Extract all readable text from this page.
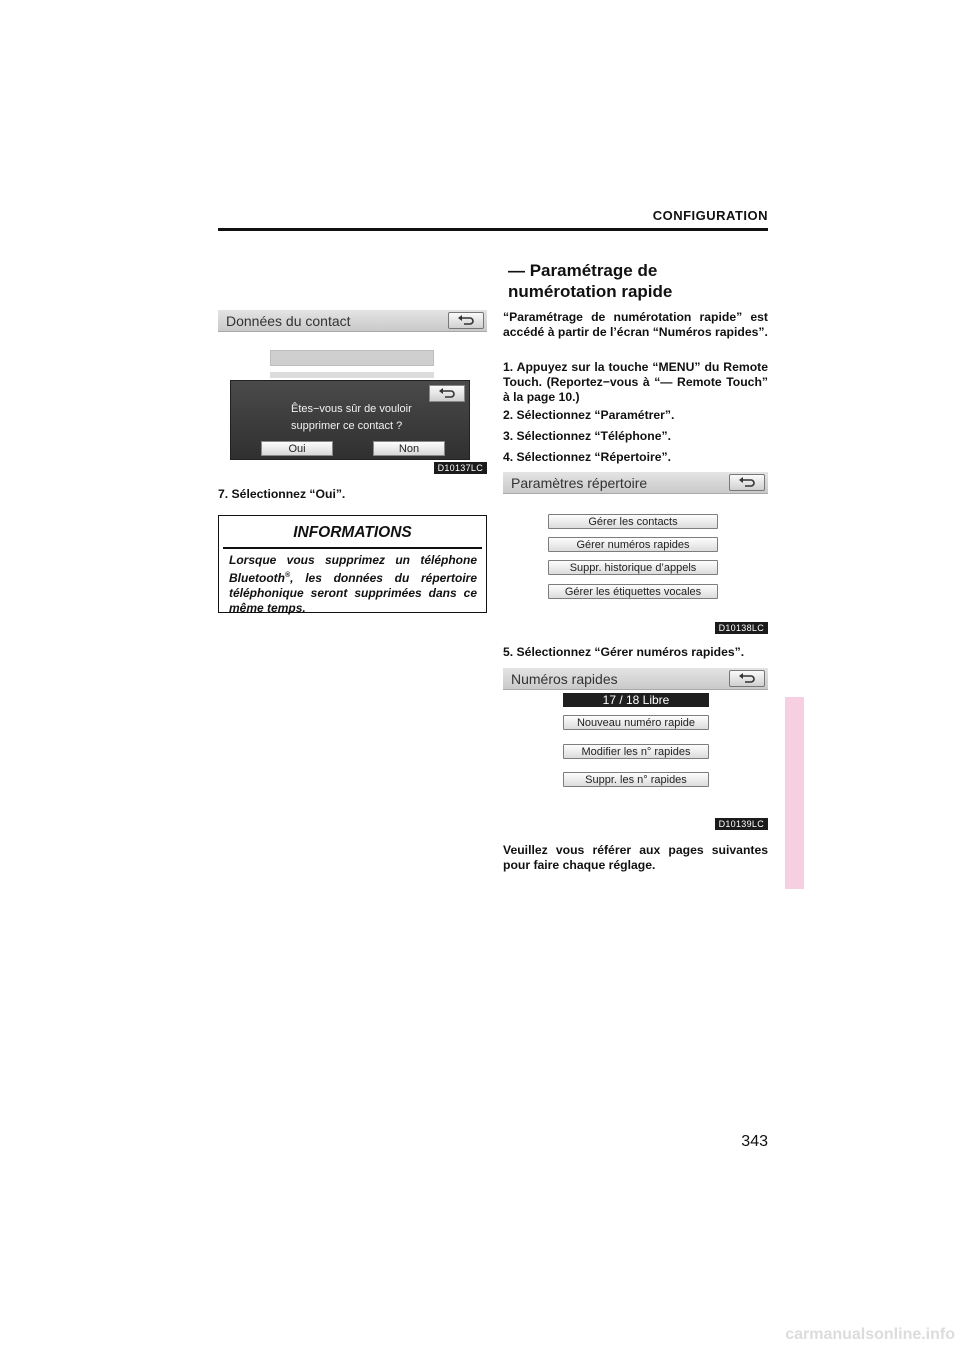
CONFIGURATION
Données du contact
Êtes−vous sûr de vouloir supprimer ce contact ?
Oui	Non
D10137LC
7. Sélectionnez “Oui”.
INFORMATIONS
Lorsque vous supprimez un téléphone Bluetooth®, les données du répertoire téléphonique seront supprimées dans ce même temps.
— Paramétrage de
numérotation rapide
“Paramétrage de numérotation rapide” est accédé à partir de l’écran “Numéros rapides”.
1. Appuyez sur la touche “MENU” du Remote Touch. (Reportez−vous à “— Remote Touch” à la page 10.)
2. Sélectionnez “Paramétrer”.
3. Sélectionnez “Téléphone”.
4. Sélectionnez “Répertoire”.
Paramètres répertoire
Gérer les contacts
Gérer numéros rapides
Suppr. historique d’appels
Gérer les étiquettes vocales
D10138LC
5. Sélectionnez “Gérer numéros rapides”.
Numéros rapides
17 / 18 Libre
Nouveau numéro rapide
Modifier les n° rapides
Suppr. les n° rapides
D10139LC
Veuillez vous référer aux pages suivantes pour faire chaque réglage.
343
carmanualsonline.info
